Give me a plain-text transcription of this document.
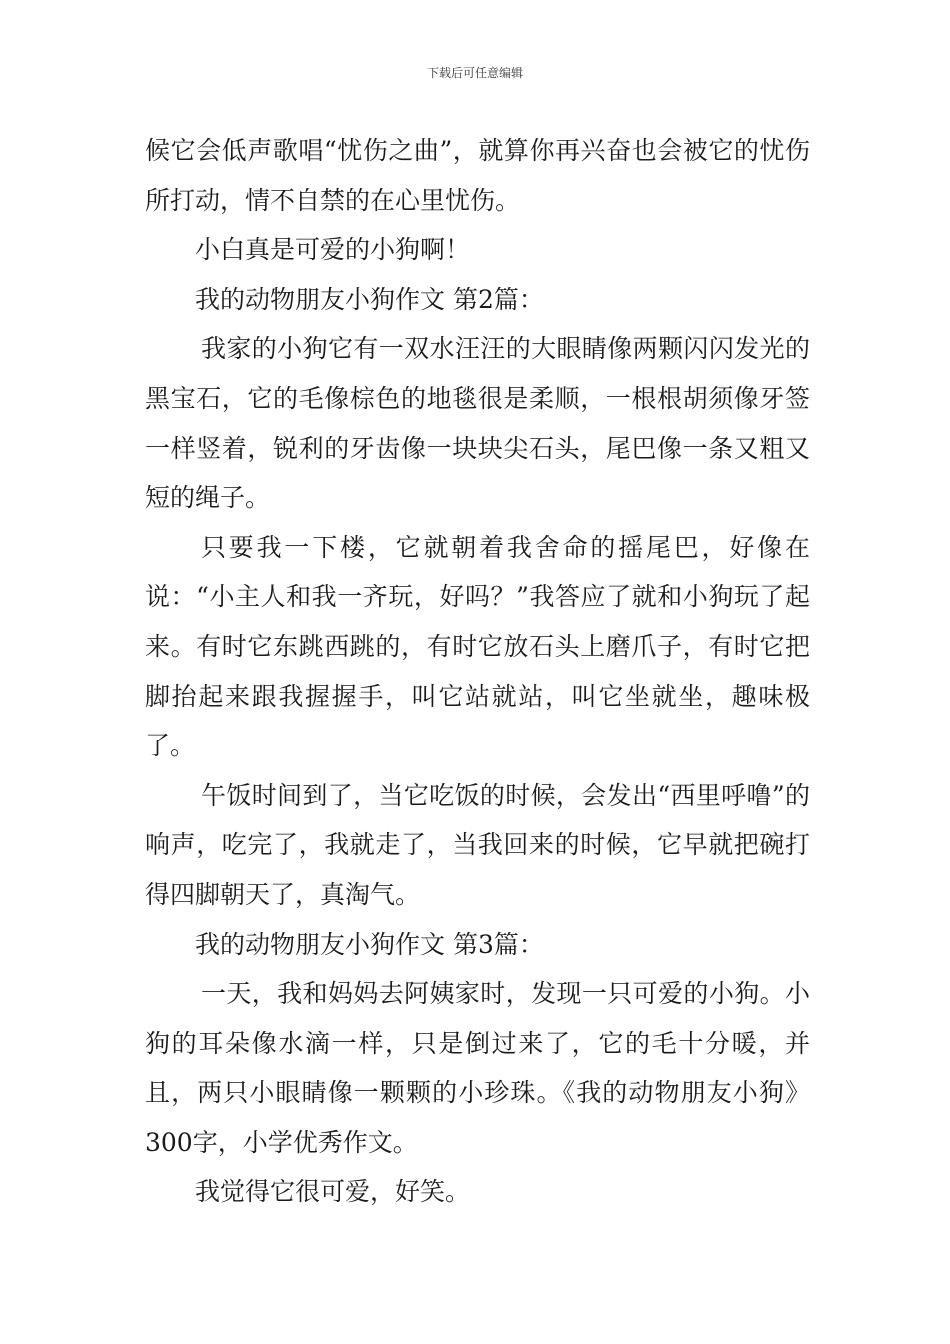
下载后可任意编辑

候它会低声歌唱“忧伤之曲”，就算你再兴奋也会被它的忧伤所打动，情不自禁的在心里忧伤。

小白真是可爱的小狗啊！

我的动物朋友小狗作文 第2篇：

我家的小狗它有一双水汪汪的大眼睛像两颗闪闪发光的黑宝石，它的毛像棕色的地毯很是柔顺，一根根胡须像牙签一样竖着，锐利的牙齿像一块块尖石头，尾巴像一条又粗又短的绳子。

只要我一下楼，它就朝着我舍命的摇尾巴，好像在说：“小主人和我一齐玩，好吗？”我答应了就和小狗玩了起来。有时它东跳西跳的，有时它放石头上磨爪子，有时它把脚抬起来跟我握握手，叫它站就站，叫它坐就坐，趣味极了。

午饭时间到了，当它吃饭的时候，会发出“西里呼噜”的响声，吃完了，我就走了，当我回来的时候，它早就把碗打得四脚朝天了，真淘气。

我的动物朋友小狗作文 第3篇：

一天，我和妈妈去阿姨家时，发现一只可爱的小狗。小狗的耳朵像水滴一样，只是倒过来了，它的毛十分暖，并且，两只小眼睛像一颗颗的小珍珠。《我的动物朋友小狗》300字，小学优秀作文。

我觉得它很可爱，好笑。
